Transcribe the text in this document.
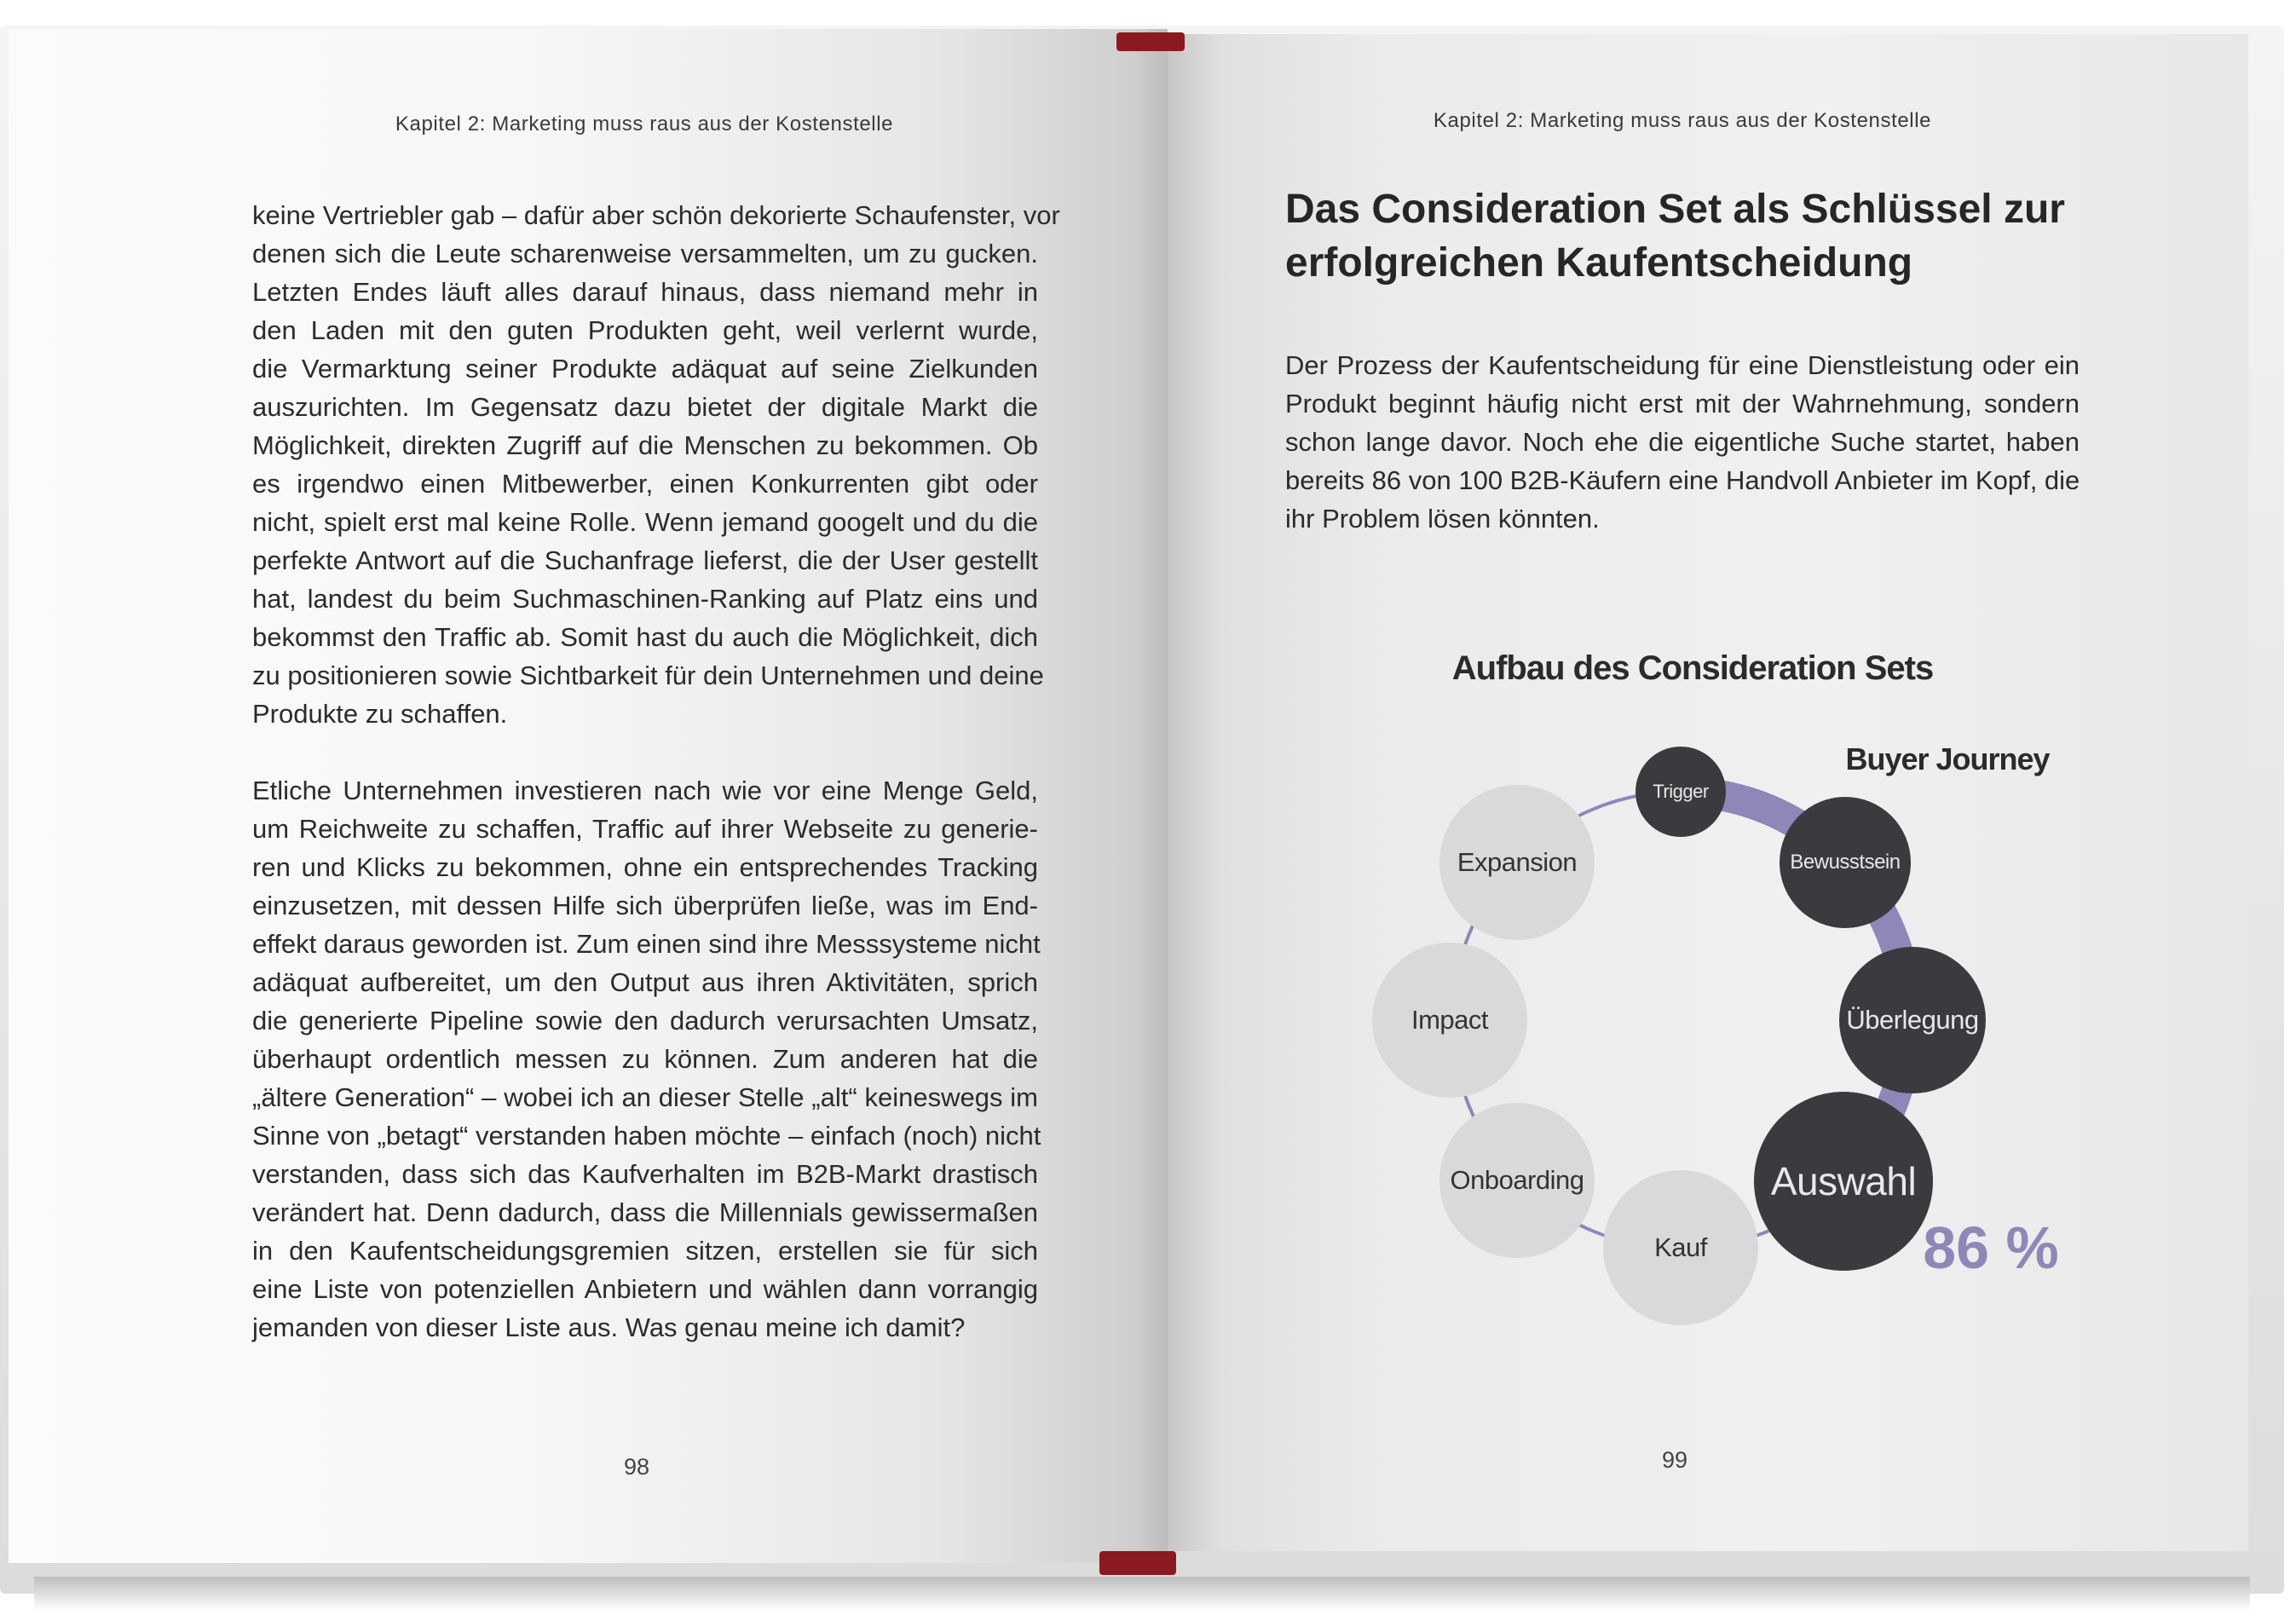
Kapitel 2: Marketing muss raus aus der Kostenstelle
keine Vertriebler gab – dafür aber schön dekorierte Schaufenster, vor
denen sich die Leute scharenweise versammelten, um zu gucken.
Letzten Endes läuft alles darauf hinaus, dass niemand mehr in
den Laden mit den guten Produkten geht, weil verlernt wurde,
die Vermarktung seiner Produkte adäquat auf seine Zielkunden
auszurichten. Im Gegensatz dazu bietet der digitale Markt die
Möglichkeit, direkten Zugriff auf die Menschen zu bekommen. Ob
es irgendwo einen Mitbewerber, einen Konkurrenten gibt oder
nicht, spielt erst mal keine Rolle. Wenn jemand googelt und du die
perfekte Antwort auf die Suchanfrage lieferst, die der User gestellt
hat, landest du beim Suchmaschinen-Ranking auf Platz eins und
bekommst den Traffic ab. Somit hast du auch die Möglichkeit, dich
zu positionieren sowie Sichtbarkeit für dein Unternehmen und deine
Produkte zu schaffen.
Etliche Unternehmen investieren nach wie vor eine Menge Geld,
um Reichweite zu schaffen, Traffic auf ihrer Webseite zu generie-
ren und Klicks zu bekommen, ohne ein entsprechendes Tracking
einzusetzen, mit dessen Hilfe sich überprüfen ließe, was im End-
effekt daraus geworden ist. Zum einen sind ihre Messsysteme nicht
adäquat aufbereitet, um den Output aus ihren Aktivitäten, sprich
die generierte Pipeline sowie den dadurch verursachten Umsatz,
überhaupt ordentlich messen zu können. Zum anderen hat die
„ältere Generation“ – wobei ich an dieser Stelle „alt“ keineswegs im
Sinne von „betagt“ verstanden haben möchte – einfach (noch) nicht
verstanden, dass sich das Kaufverhalten im B2B-Markt drastisch
verändert hat. Denn dadurch, dass die Millennials gewissermaßen
in den Kaufentscheidungsgremien sitzen, erstellen sie für sich
eine Liste von potenziellen Anbietern und wählen dann vorrangig
jemanden von dieser Liste aus. Was genau meine ich damit?
98
Kapitel 2: Marketing muss raus aus der Kostenstelle
Das Consideration Set als Schlüssel zur
erfolgreichen Kaufentscheidung
Der Prozess der Kaufentscheidung für eine Dienstleistung oder ein
Produkt beginnt häufig nicht erst mit der Wahrnehmung, sondern
schon lange davor. Noch ehe die eigentliche Suche startet, haben
bereits 86 von 100 B2B-Käufern eine Handvoll Anbieter im Kopf, die
ihr Problem lösen könnten.
Aufbau des Consideration Sets
Buyer Journey
Trigger
Bewusstsein
Überlegung
Auswahl
Kauf
Onboarding
Impact
Expansion
86 %
99
